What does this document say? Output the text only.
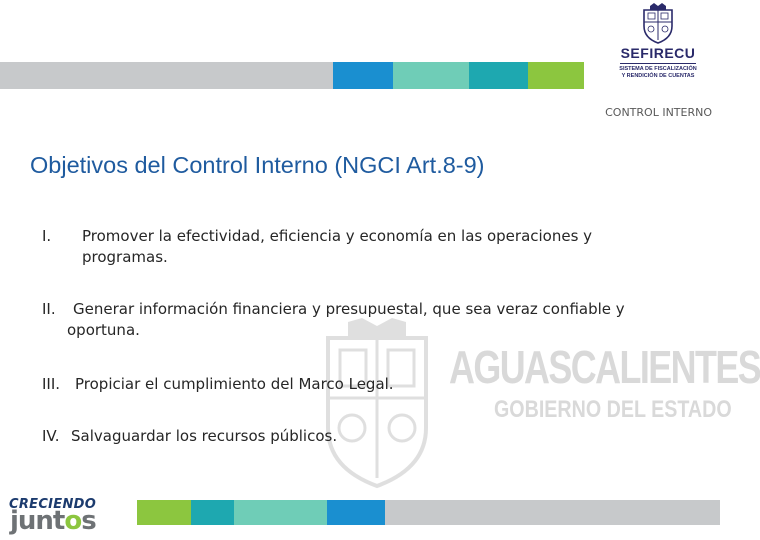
SEFIRECU
SISTEMA DE FISCALIZACIÓN
Y RENDICIÓN DE CUENTAS
CONTROL INTERNO
Objetivos del Control Interno (NGCI Art.8-9)
AGUASCALIENTES
GOBIERNO DEL ESTADO
I. Promover la efectividad, eficiencia y economía en las operaciones y
programas.
II. Generar información financiera y presupuestal, que sea veraz confiable y
oportuna.
III. Propiciar el cumplimiento del Marco Legal.
IV. Salvaguardar los recursos públicos.
CRECIENDO
juntos
